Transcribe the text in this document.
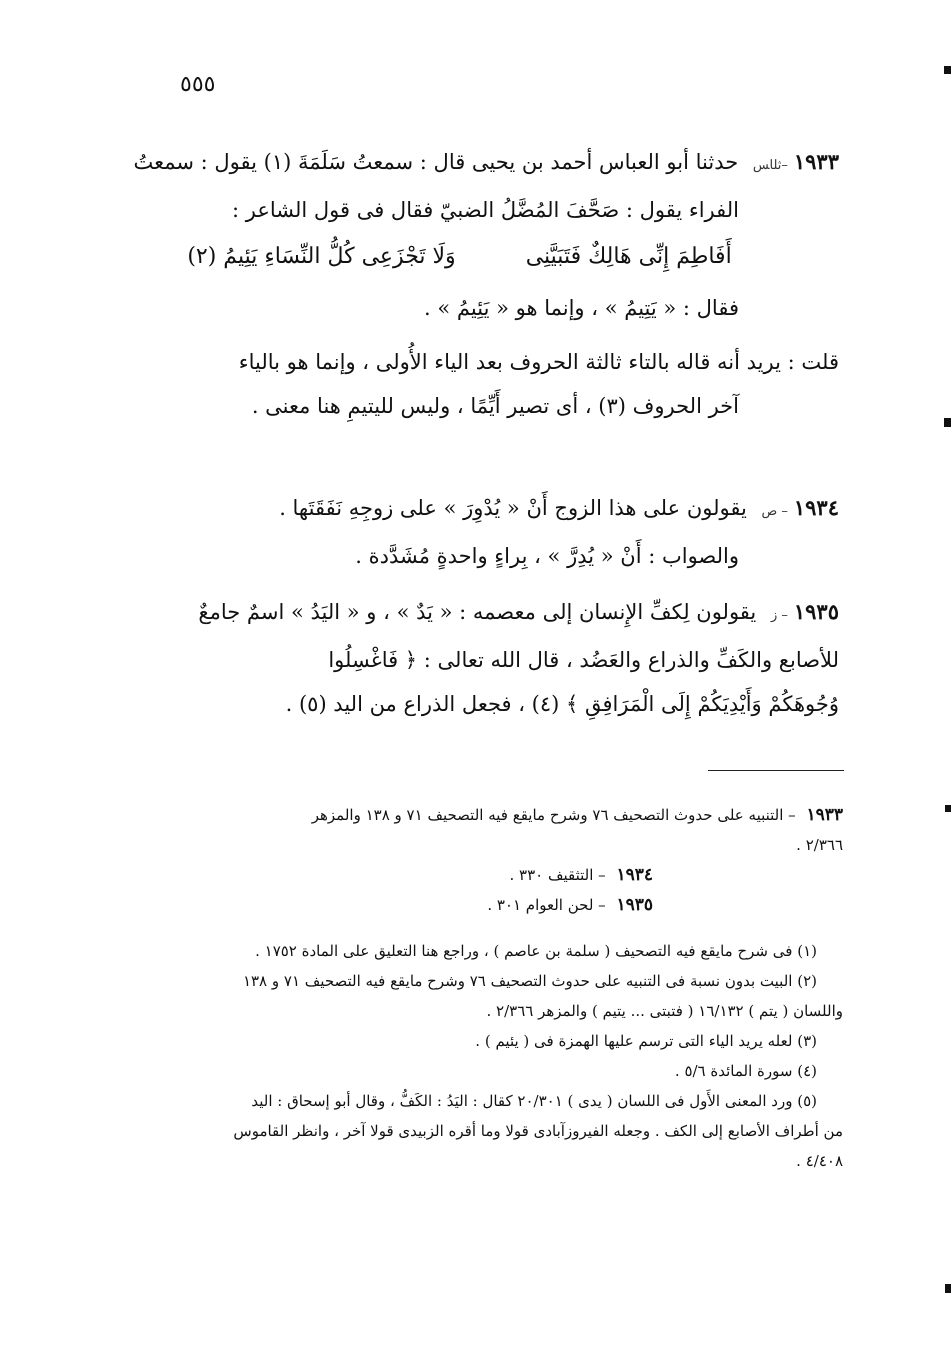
٥٥٥

١٩٣٣–ث‍ل‍ا‍س حدثنا أبو العباس أحمد بن يحيى قال : سمعتُ سَلَمَةَ (١) يقول : سمعتُ

الفراء يقول : صَحَّفَ المُضَّلُ الضبيّ فقال فى قول الشاعر :

أَفَاطِمَ إِنِّى هَالِكٌ فَتَبَيَّنِى
وَلَا تَجْزَعِى كُلُّ النِّسَاءِ يَئِيمُ (٢)

فقال : « يَتِيمُ » ، وإنما هو « يَئِيمُ » .

قلت : يريد أنه قاله بالتاء ثالثة الحروف بعد الياء الأُولى ، وإنما هو بالياء

آخر الحروف (٣) ، أى تصير أَيِّمًا ، وليس لليتيمِ هنا معنى .

١٩٣٤– ص يقولون على هذا الزوج أَنْ « يُدْوِرَ » على زوجِهِ نَفَقَتَها .

والصواب : أَنْ « يُدِرَّ » ، بِراءٍ واحدةٍ مُشَدَّدة .

١٩٣٥– ز يقولون لِكفِّ الإِنسان إلى معصمه : « يَدٌ » ، و « اليَدُ » اسمٌ جامعٌ

للأصابع والكَفِّ والذراع والعَضُد ، قال الله تعالى : ﴿ فَاغْسِلُوا

وُجُوهَكُمْ وَأَيْدِيَكُمْ إِلَى الْمَرَافِقِ ﴾ (٤) ، فجعل الذراع من اليد (٥) .

١٩٣٣ – التنبيه على حدوث التصحيف ٧٦ وشرح مايقع فيه التصحيف ٧١ و ١٣٨ والمزهر

٢/٣٦٦ .

١٩٣٤ – التثقيف ٣٣٠ .

١٩٣٥ – لحن العوام ٣٠١ .

(١) فى شرح مايقع فيه التصحيف ( سلمة بن عاصم ) ، وراجع هنا التعليق على المادة ١٧٥٢ .

(٢) البيت بدون نسبة فى التنبيه على حدوث التصحيف ٧٦ وشرح مايقع فيه التصحيف ٧١ و ١٣٨

واللسان ( يتم ) ١٦/١٣٢ ( فتبتى ... يتيم ) والمزهر ٢/٣٦٦ .

(٣) لعله يريد الياء التى ترسم عليها الهمزة فى ( يئيم ) .

(٤) سورة المائدة ٥/٦ .

(٥) ورد المعنى الأَول فى اللسان ( يدى ) ٢٠/٣٠١ كقال : اليَدُ : الكَفُّ ، وقال أبو إسحاق : اليد

من أطراف الأصابع إلى الكف . وجعله الفيروزآبادى قولا وما أقره الزبيدى قولا آخر ، وانظر القاموس

٤/٤٠٨ .
